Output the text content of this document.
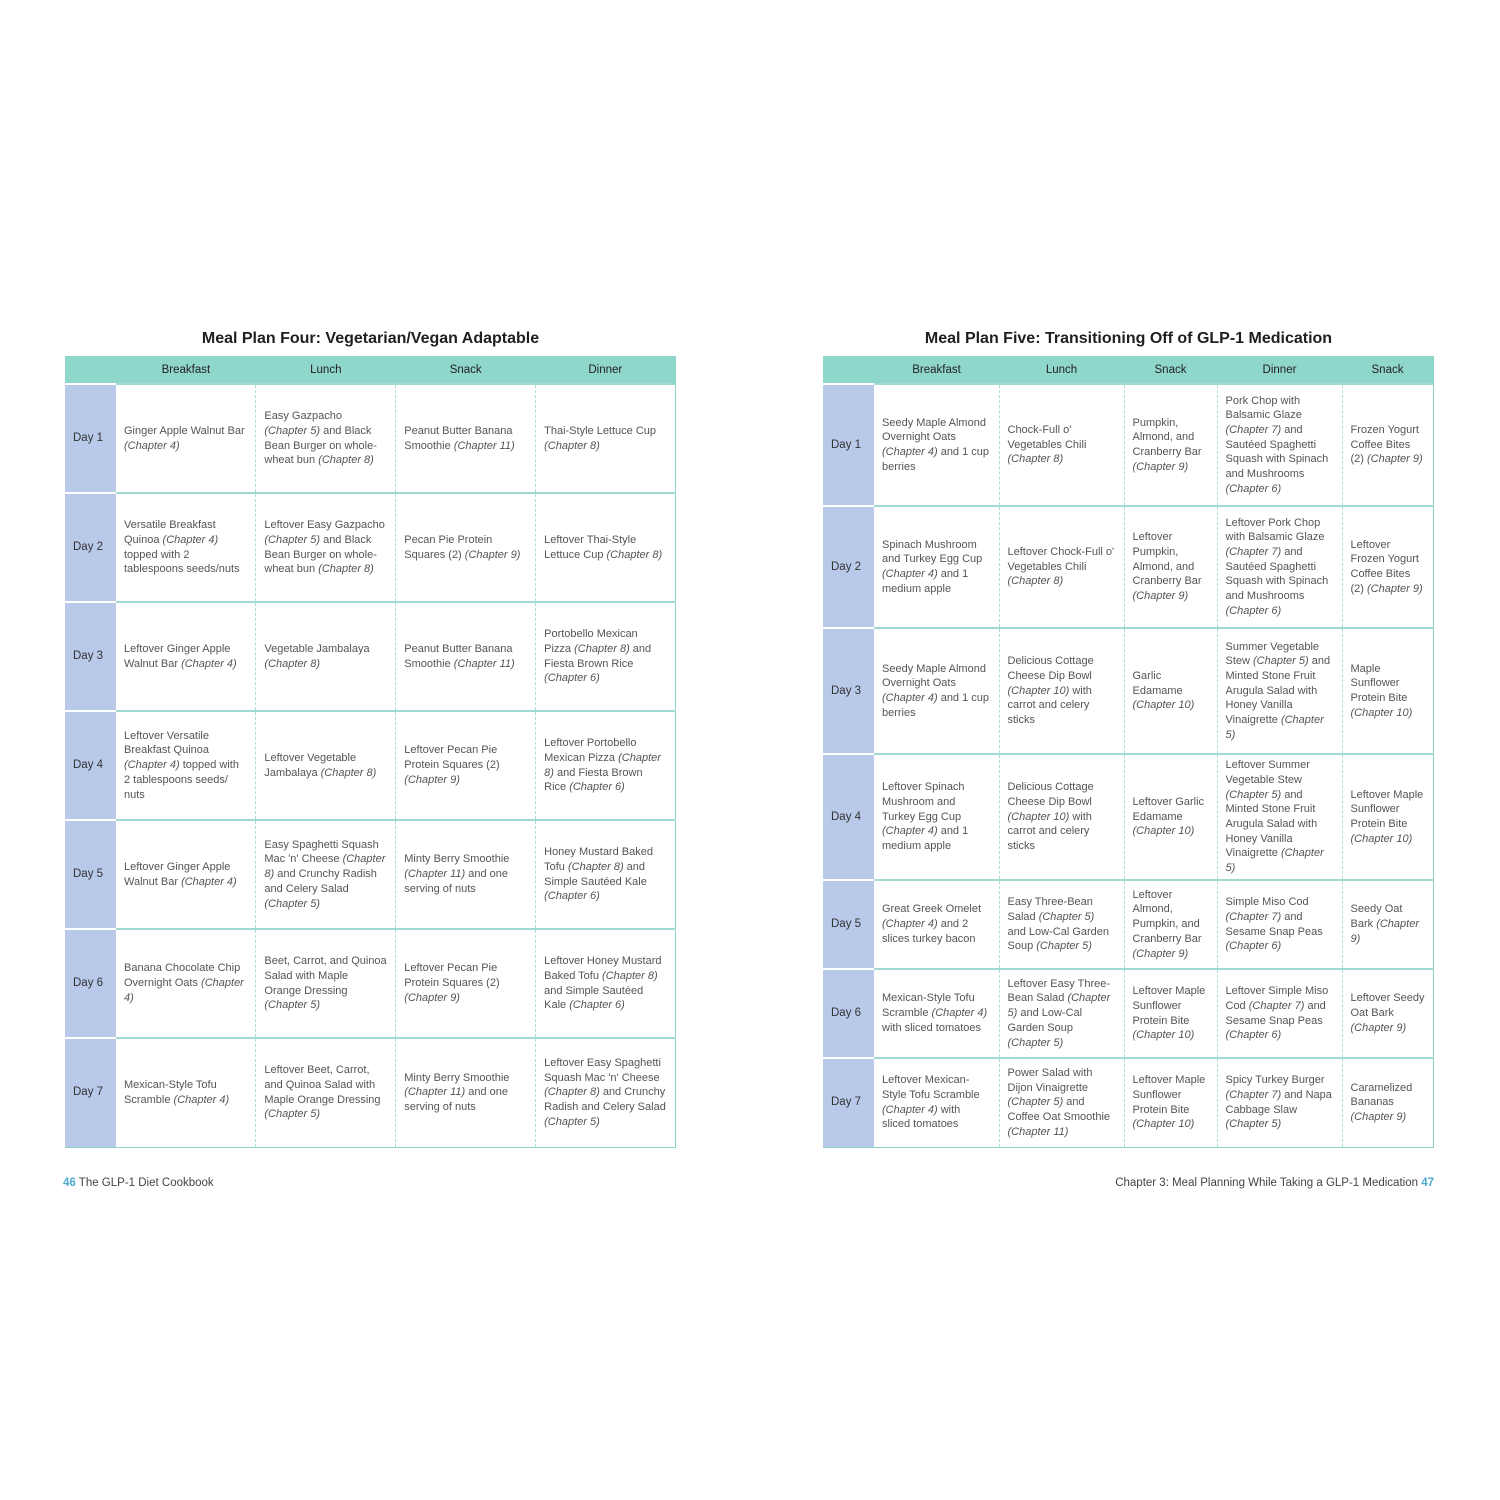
Meal Plan Four: Vegetarian/Vegan Adaptable
	Breakfast	Lunch	Snack	Dinner
Day 1	Ginger Apple Walnut Bar (Chapter 4)	Easy Gazpacho (Chapter 5) and Black Bean Burger on whole-wheat bun (Chapter 8)	Peanut Butter Banana Smoothie (Chapter 11)	Thai-Style Lettuce Cup (Chapter 8)
Day 2	Versatile Breakfast Quinoa (Chapter 4) topped with 2 tablespoons seeds/nuts	Leftover Easy Gazpacho (Chapter 5) and Black Bean Burger on whole-wheat bun (Chapter 8)	Pecan Pie Protein Squares (2) (Chapter 9)	Leftover Thai-Style Lettuce Cup (Chapter 8)
Day 3	Leftover Ginger Apple Walnut Bar (Chapter 4)	Vegetable Jambalaya (Chapter 8)	Peanut Butter Banana Smoothie (Chapter 11)	Portobello Mexican Pizza (Chapter 8) and Fiesta Brown Rice (Chapter 6)
Day 4	Leftover Versatile Breakfast Quinoa (Chapter 4) topped with 2 tablespoons seeds/ nuts	Leftover Vegetable Jambalaya (Chapter 8)	Leftover Pecan Pie Protein Squares (2) (Chapter 9)	Leftover Portobello Mexican Pizza (Chapter 8) and Fiesta Brown Rice (Chapter 6)
Day 5	Leftover Ginger Apple Walnut Bar (Chapter 4)	Easy Spaghetti Squash Mac 'n' Cheese (Chapter 8) and Crunchy Radish and Celery Salad (Chapter 5)	Minty Berry Smoothie (Chapter 11) and one serving of nuts	Honey Mustard Baked Tofu (Chapter 8) and Simple Sautéed Kale (Chapter 6)
Day 6	Banana Chocolate Chip Overnight Oats (Chapter 4)	Beet, Carrot, and Quinoa Salad with Maple Orange Dressing (Chapter 5)	Leftover Pecan Pie Protein Squares (2) (Chapter 9)	Leftover Honey Mustard Baked Tofu (Chapter 8) and Simple Sautéed Kale (Chapter 6)
Day 7	Mexican-Style Tofu Scramble (Chapter 4)	Leftover Beet, Carrot, and Quinoa Salad with Maple Orange Dressing (Chapter 5)	Minty Berry Smoothie (Chapter 11) and one serving of nuts	Leftover Easy Spaghetti Squash Mac 'n' Cheese (Chapter 8) and Crunchy Radish and Celery Salad (Chapter 5)
Meal Plan Five: Transitioning Off of GLP-1 Medication
	Breakfast	Lunch	Snack	Dinner	Snack
Day 1	Seedy Maple Almond Overnight Oats (Chapter 4) and 1 cup berries	Chock-Full o' Vegetables Chili (Chapter 8)	Pumpkin, Almond, and Cranberry Bar (Chapter 9)	Pork Chop with Balsamic Glaze (Chapter 7) and Sautéed Spaghetti Squash with Spinach and Mushrooms (Chapter 6)	Frozen Yogurt Coffee Bites (2) (Chapter 9)
Day 2	Spinach Mushroom and Turkey Egg Cup (Chapter 4) and 1 medium apple	Leftover Chock-Full o' Vegetables Chili (Chapter 8)	Leftover Pumpkin, Almond, and Cranberry Bar (Chapter 9)	Leftover Pork Chop with Balsamic Glaze (Chapter 7) and Sautéed Spaghetti Squash with Spinach and Mushrooms (Chapter 6)	Leftover Frozen Yogurt Coffee Bites (2) (Chapter 9)
Day 3	Seedy Maple Almond Overnight Oats (Chapter 4) and 1 cup berries	Delicious Cottage Cheese Dip Bowl (Chapter 10) with carrot and celery sticks	Garlic Edamame (Chapter 10)	Summer Vegetable Stew (Chapter 5) and Minted Stone Fruit Arugula Salad with Honey Vanilla Vinaigrette (Chapter 5)	Maple Sunflower Protein Bite (Chapter 10)
Day 4	Leftover Spinach Mushroom and Turkey Egg Cup (Chapter 4) and 1 medium apple	Delicious Cottage Cheese Dip Bowl (Chapter 10) with carrot and celery sticks	Leftover Garlic Edamame (Chapter 10)	Leftover Summer Vegetable Stew (Chapter 5) and Minted Stone Fruit Arugula Salad with Honey Vanilla Vinaigrette (Chapter 5)	Leftover Maple Sunflower Protein Bite (Chapter 10)
Day 5	Great Greek Omelet (Chapter 4) and 2 slices turkey bacon	Easy Three-Bean Salad (Chapter 5) and Low-Cal Garden Soup (Chapter 5)	Leftover Almond, Pumpkin, and Cranberry Bar (Chapter 9)	Simple Miso Cod (Chapter 7) and Sesame Snap Peas (Chapter 6)	Seedy Oat Bark (Chapter 9)
Day 6	Mexican-Style Tofu Scramble (Chapter 4) with sliced tomatoes	Leftover Easy Three-Bean Salad (Chapter 5) and Low-Cal Garden Soup (Chapter 5)	Leftover Maple Sunflower Protein Bite (Chapter 10)	Leftover Simple Miso Cod (Chapter 7) and Sesame Snap Peas (Chapter 6)	Leftover Seedy Oat Bark (Chapter 9)
Day 7	Leftover Mexican-Style Tofu Scramble (Chapter 4) with sliced tomatoes	Power Salad with Dijon Vinaigrette (Chapter 5) and Coffee Oat Smoothie (Chapter 11)	Leftover Maple Sunflower Protein Bite (Chapter 10)	Spicy Turkey Burger (Chapter 7) and Napa Cabbage Slaw (Chapter 5)	Caramelized Bananas (Chapter 9)
46 The GLP-1 Diet Cookbook	Chapter 3: Meal Planning While Taking a GLP-1 Medication 47
